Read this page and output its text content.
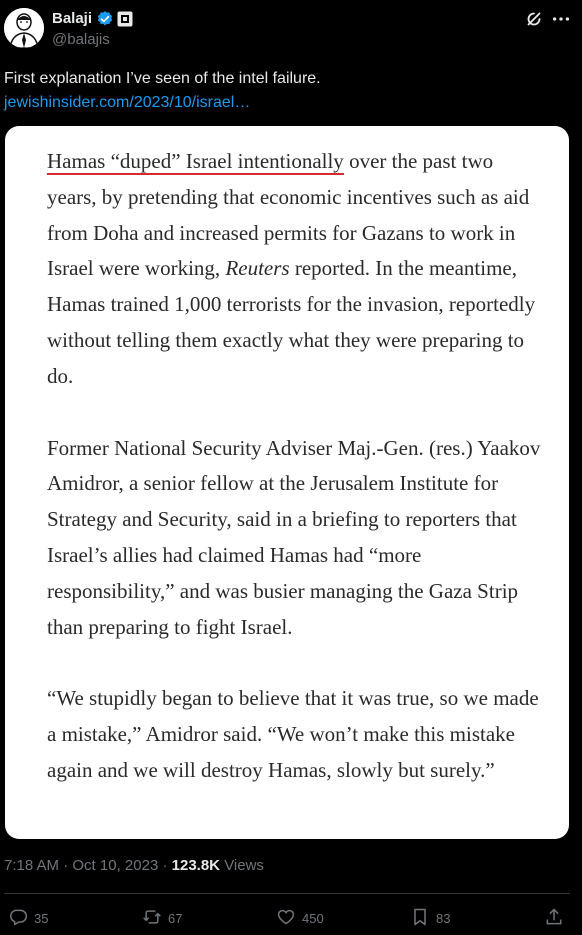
Balaji
@balajis
First explanation I’ve seen of the intel failure.
jewishinsider.com/2023/10/israel…

Hamas “duped” Israel intentionally over the past two years, by pretending that economic incentives such as aid from Doha and increased permits for Gazans to work in Israel were working, Reuters reported. In the meantime, Hamas trained 1,000 terrorists for the invasion, reportedly without telling them exactly what they were preparing to do.

Former National Security Adviser Maj.-Gen. (res.) Yaakov Amidror, a senior fellow at the Jerusalem Institute for Strategy and Security, said in a briefing to reporters that Israel’s allies had claimed Hamas had “more responsibility,” and was busier managing the Gaza Strip than preparing to fight Israel.

“We stupidly began to believe that it was true, so we made a mistake,” Amidror said. “We won’t make this mistake again and we will destroy Hamas, slowly but surely.”

7:18 AM · Oct 10, 2023 · 123.8K Views
35	67	450	83
